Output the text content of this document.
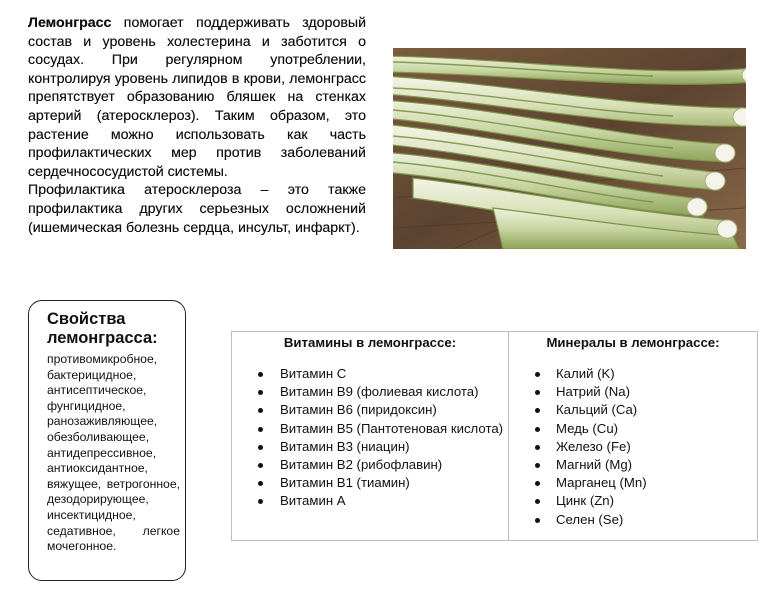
Лемонграсс помогает поддерживать здоровый состав и уровень холестерина и заботится о сосудах. При регулярном употреблении, контролируя уровень липидов в крови, лемонграсс препятствует образованию бляшек на стенках артерий (атеросклероз). Таким образом, это растение можно использовать как часть профилактических мер против заболеваний сердечнососудистой системы.

Профилактика атеросклероза – это также профилактика других серьезных осложнений (ишемическая болезнь сердца, инсульт, инфаркт).

Свойства лемонграсса:
противомикробное, бактерицидное, антисептическое, фунгицидное, ранозаживляющее, обезболивающее, антидепрессивное, антиоксидантное, вяжущее, ветрогонное, дезодорирующее, инсектицидное, седативное, легкое мочегонное.
Витамины в лемонграссе:
Витамин C
Витамин B9 (фолиевая кислота)
Витамин B6 (пиридоксин)
Витамин B5 (Пантотеновая кислота)
Витамин B3 (ниацин)
Витамин B2 (рибофлавин)
Витамин B1 (тиамин)
Витамин A
Минералы в лемонграссе:
Калий (K)
Натрий (Na)
Кальций (Ca)
Медь (Cu)
Железо (Fe)
Магний (Mg)
Марганец (Mn)
Цинк (Zn)
Селен (Se)
